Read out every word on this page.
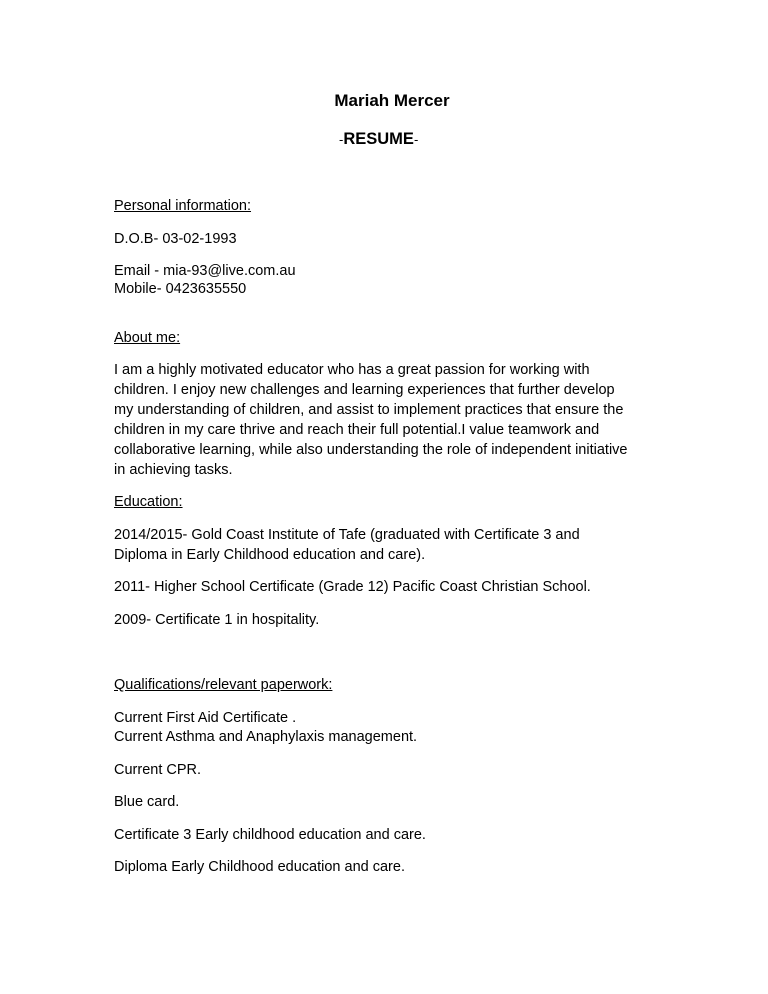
Mariah Mercer
-RESUME-
Personal information:
D.O.B- 03-02-1993
Email - mia-93@live.com.au
Mobile- 0423635550
About me:
I am a highly motivated educator who has a great passion for working with
children. I enjoy new challenges and learning experiences that further develop
my understanding of children, and assist to implement practices that ensure the
children in my care thrive and reach their full potential.I value teamwork and
collaborative learning, while also understanding the role of independent initiative
in achieving tasks.
Education:
2014/2015- Gold Coast Institute of Tafe (graduated with Certificate 3 and
Diploma in Early Childhood education and care).
2011- Higher School Certificate (Grade 12) Pacific Coast Christian School.
2009- Certificate 1 in hospitality.
Qualifications/relevant paperwork:
Current First Aid Certificate .
Current Asthma and Anaphylaxis management.
Current CPR.
Blue card.
Certificate 3 Early childhood education and care.
Diploma Early Childhood education and care.
